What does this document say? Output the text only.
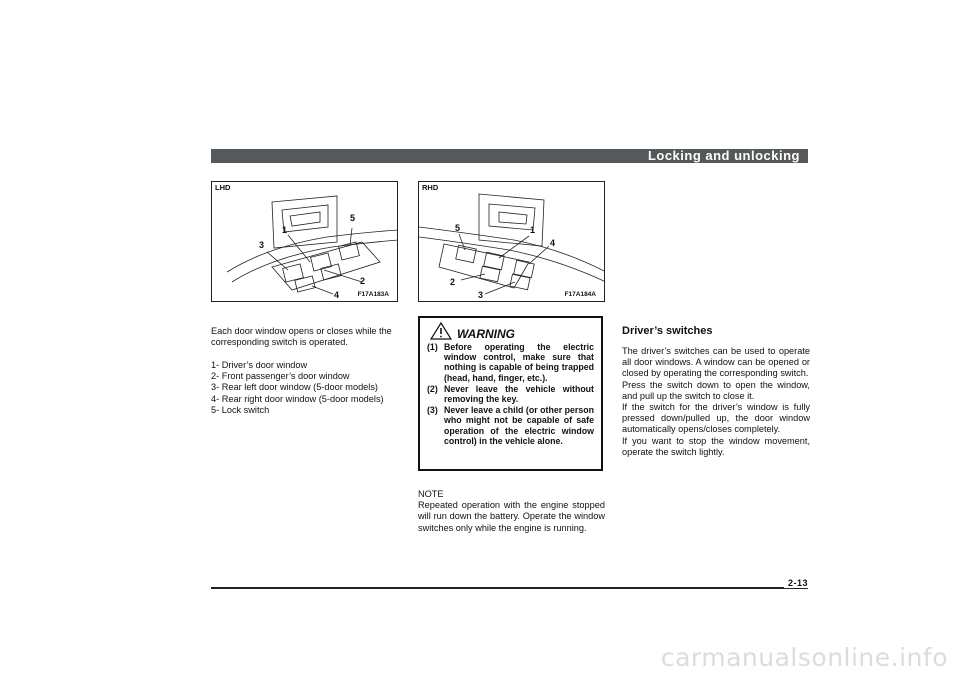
Locking and unlocking
LHD
1
2
3
4
5
F17A183A
RHD
1
2
3
4
5
F17A184A

Each door window opens or closes while the corresponding switch is operated.

1- Driver’s door window
2- Front passenger’s door window
3- Rear left door window (5-door models)
4- Rear right door window (5-door models)
5- Lock switch
WARNING
(1) Before operating the electric window control, make sure that nothing is capable of being trapped (head, hand, finger, etc.).
(2) Never leave the vehicle without removing the key.
(3) Never leave a child (or other person who might not be capable of safe operation of the electric window control) in the vehicle alone.
NOTE
Repeated operation with the engine stopped will run down the battery. Operate the window switches only while the engine is running.
Driver’s switches

The driver’s switches can be used to operate all door windows. A window can be opened or closed by operating the corresponding switch.

Press the switch down to open the window, and pull up the switch to close it.

If the switch for the driver’s window is fully pressed down/pulled up, the door window automatically opens/closes completely.

If you want to stop the window movement, operate the switch lightly.

2-13
carmanualsonline.info
